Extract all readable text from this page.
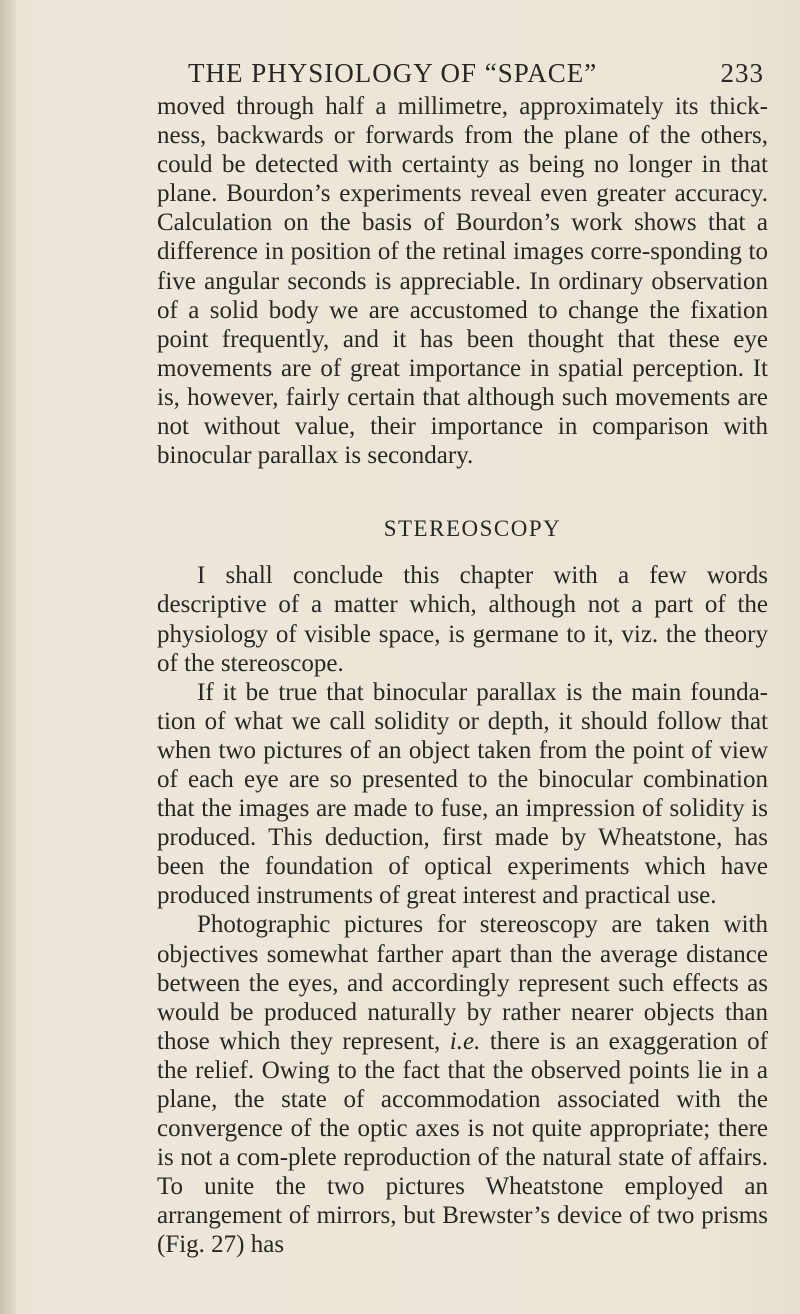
THE PHYSIOLOGY OF “SPACE”	233

moved through half a millimetre, approximately its thick-ness, backwards or forwards from the plane of the others, could be detected with certainty as being no longer in that plane. Bourdon’s experiments reveal even greater accuracy. Calculation on the basis of Bourdon’s work shows that a difference in position of the retinal images corre-sponding to five angular seconds is appreciable. In ordinary observation of a solid body we are accustomed to change the fixation point frequently, and it has been thought that these eye movements are of great importance in spatial perception. It is, however, fairly certain that although such movements are not without value, their importance in comparison with binocular parallax is secondary.

STEREOSCOPY

I shall conclude this chapter with a few words descriptive of a matter which, although not a part of the physiology of visible space, is germane to it, viz. the theory of the stereoscope.

If it be true that binocular parallax is the main founda-tion of what we call solidity or depth, it should follow that when two pictures of an object taken from the point of view of each eye are so presented to the binocular combination that the images are made to fuse, an impression of solidity is produced. This deduction, first made by Wheatstone, has been the foundation of optical experiments which have produced instruments of great interest and practical use.

Photographic pictures for stereoscopy are taken with objectives somewhat farther apart than the average distance between the eyes, and accordingly represent such effects as would be produced naturally by rather nearer objects than those which they represent, i.e. there is an exaggeration of the relief. Owing to the fact that the observed points lie in a plane, the state of accommodation associated with the convergence of the optic axes is not quite appropriate; there is not a com-plete reproduction of the natural state of affairs. To unite the two pictures Wheatstone employed an arrangement of mirrors, but Brewster’s device of two prisms (Fig. 27) has
